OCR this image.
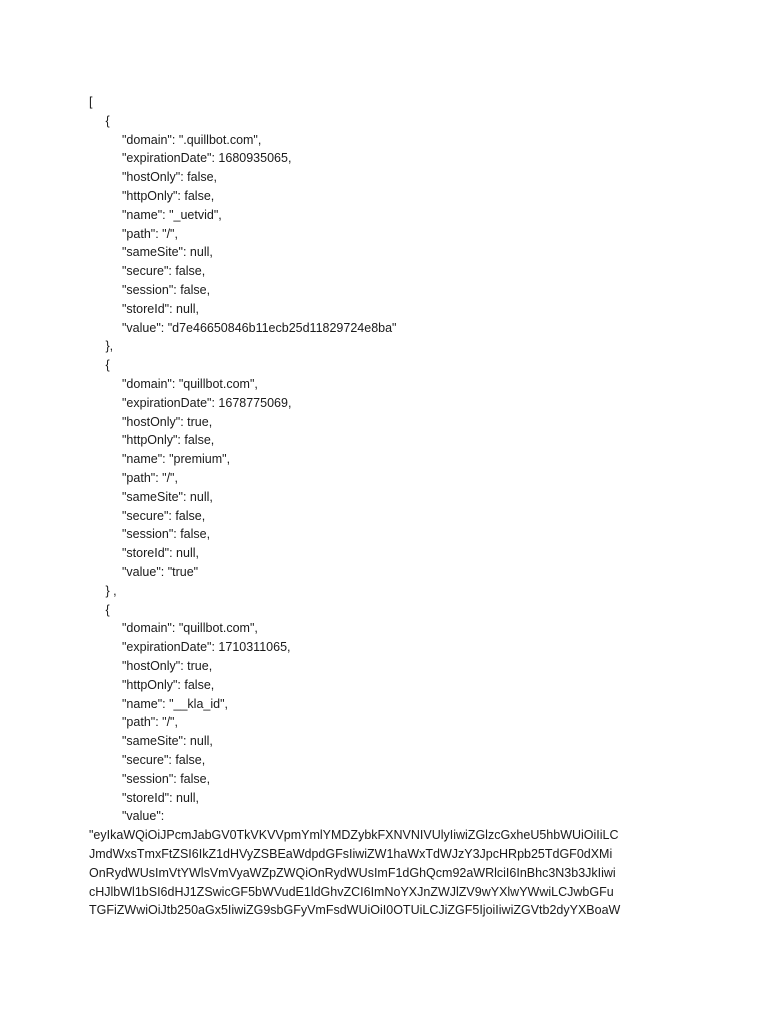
[
{
"domain": ".quillbot.com",
"expirationDate": 1680935065,
"hostOnly": false,
"httpOnly": false,
"name": "_uetvid",
"path": "/",
"sameSite": null,
"secure": false,
"session": false,
"storeId": null,
"value": "d7e46650846b11ecb25d11829724e8ba"
},
{
"domain": "quillbot.com",
"expirationDate": 1678775069,
"hostOnly": true,
"httpOnly": false,
"name": "premium",
"path": "/",
"sameSite": null,
"secure": false,
"session": false,
"storeId": null,
"value": "true"
} ,
{
"domain": "quillbot.com",
"expirationDate": 1710311065,
"hostOnly": true,
"httpOnly": false,
"name": "__kla_id",
"path": "/",
"sameSite": null,
"secure": false,
"session": false,
"storeId": null,
"value":
"eyIkaWQiOiJPcmJabGV0TkVKVVpmYmlYMDZybkFXNVNIVUlyIiwiZGlzcGxheU5hbWUiOiIiLC
JmdWxsTmxFtZSI6IkZ1dHVyZSBEaWdpdGFsIiwiZW1haWxTdWJzY3JpcHRpb25TdGF0dXMi
OnRydWUsImVtYWlsVmVyaWZpZWQiOnRydWUsImF1dGhQcm92aWRlciI6InBhc3N3b3JkIiwi
cHJlbWl1bSI6dHJ1ZSwicGF5bWVudE1ldGhvZCI6ImNoYXJnZWJlZV9wYXlwYWwiLCJwbGFu
TGFiZWwiOiJtb250aGx5IiwiZG9sbGFyVmFsdWUiOiI0OTUiLCJiZGF5IjoiIiwiZGVtb2dyYXBoaW
